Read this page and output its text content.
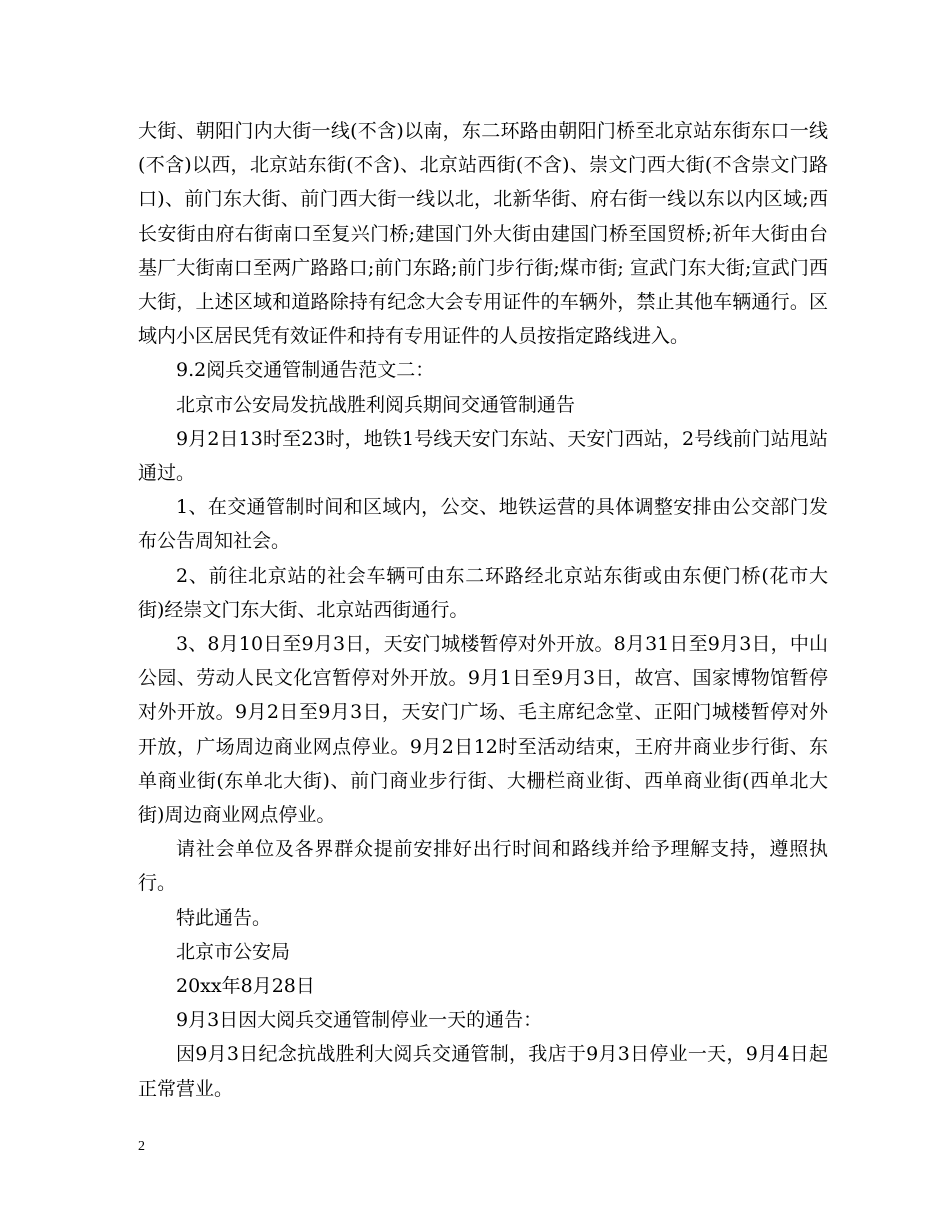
大街、朝阳门内大街一线(不含)以南，东二环路由朝阳门桥至北京站东街东口一线(不含)以西，北京站东街(不含)、北京站西街(不含)、崇文门西大街(不含崇文门路口)、前门东大街、前门西大街一线以北，北新华街、府右街一线以东以内区域;西长安街由府右街南口至复兴门桥;建国门外大街由建国门桥至国贸桥;祈年大街由台基厂大街南口至两广路路口;前门东路;前门步行街;煤市街; 宣武门东大街;宣武门西大街，上述区域和道路除持有纪念大会专用证件的车辆外，禁止其他车辆通行。区域内小区居民凭有效证件和持有专用证件的人员按指定路线进入。

9.2阅兵交通管制通告范文二：

北京市公安局发抗战胜利阅兵期间交通管制通告

9月2日13时至23时，地铁1号线天安门东站、天安门西站，2号线前门站甩站通过。

1、在交通管制时间和区域内，公交、地铁运营的具体调整安排由公交部门发布公告周知社会。

2、前往北京站的社会车辆可由东二环路经北京站东街或由东便门桥(花市大街)经崇文门东大街、北京站西街通行。

3、8月10日至9月3日，天安门城楼暂停对外开放。8月31日至9月3日，中山公园、劳动人民文化宫暂停对外开放。9月1日至9月3日，故宫、国家博物馆暂停对外开放。9月2日至9月3日，天安门广场、毛主席纪念堂、正阳门城楼暂停对外开放，广场周边商业网点停业。9月2日12时至活动结束，王府井商业步行街、东单商业街(东单北大街)、前门商业步行街、大栅栏商业街、西单商业街(西单北大街)周边商业网点停业。

请社会单位及各界群众提前安排好出行时间和路线并给予理解支持，遵照执行。

特此通告。

北京市公安局

20xx年8月28日

9月3日因大阅兵交通管制停业一天的通告：

因9月3日纪念抗战胜利大阅兵交通管制，我店于9月3日停业一天，9月4日起正常营业。

2
